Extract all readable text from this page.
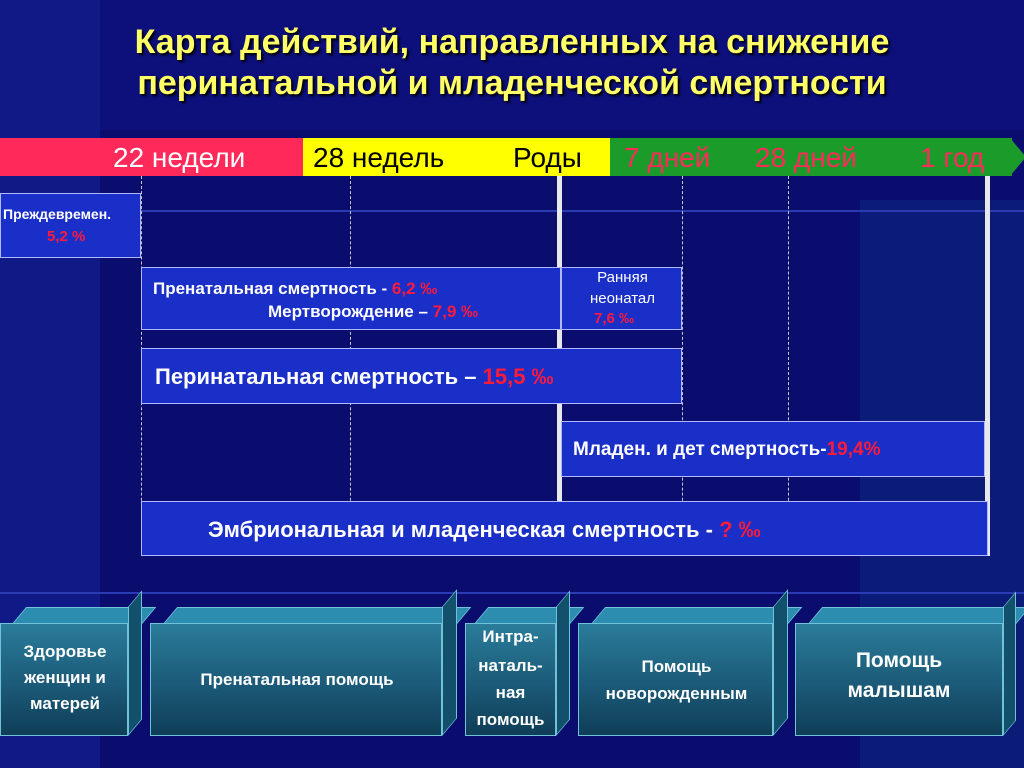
Карта действий, направленных на снижение
перинатальной и младенческой смертности
22 недели 28 недель Роды 7 дней 28 дней 1 год
Преждевремен.
5,2 %
Пренатальная смертность - 6,2 ‰
Мертворождение – 7,9 ‰
Ранняя
неонатал
7,6 ‰
Перинатальная смертность – 15,5 ‰
Младен. и дет смертность-19,4%
Эмбриональная и младенческая смертность - ? ‰
Здоровье
женщин и
матерей
Пренатальная помощь
Интра-
наталь-
ная
помощь
Помощь
новорожденным
Помощь
малышам
